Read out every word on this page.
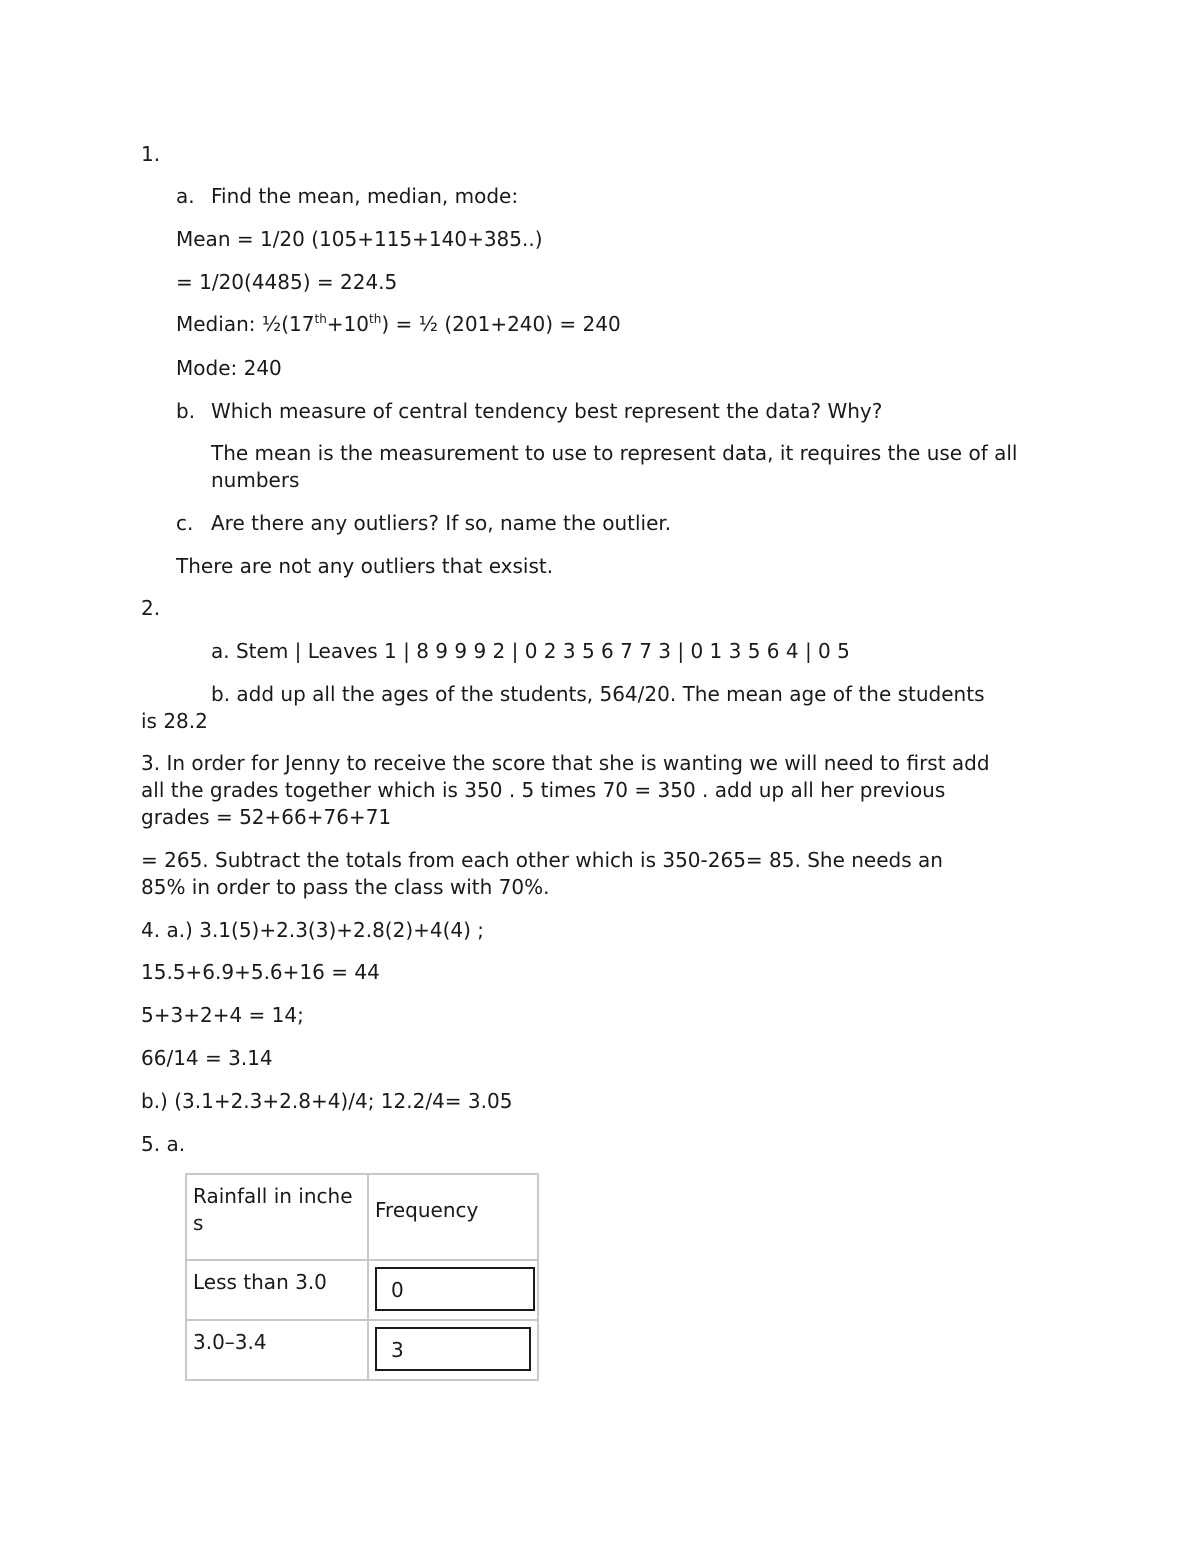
1.
a. Find the mean, median, mode:
Mean = 1/20 (105+115+140+385..)
= 1/20(4485) = 224.5
Median: ½(17th+10th) = ½ (201+240) = 240
Mode: 240
b. Which measure of central tendency best represent the data? Why?
The mean is the measurement to use to represent data, it requires the use of all numbers
c. Are there any outliers? If so, name the outlier.
There are not any outliers that exsist.
2.
a. Stem | Leaves 1 | 8 9 9 9 2 | 0 2 3 5 6 7 7 3 | 0 1 3 5 6 4 | 0 5
b. add up all the ages of the students, 564/20. The mean age of the students
is 28.2
3. In order for Jenny to receive the score that she is wanting we will need to first add
all the grades together which is 350 . 5 times 70 = 350 . add up all her previous
grades = 52+66+76+71
= 265. Subtract the totals from each other which is 350-265= 85. She needs an
85% in order to pass the class with 70%.
4. a.) 3.1(5)+2.3(3)+2.8(2)+4(4) ;
15.5+6.9+5.6+16 = 44
5+3+2+4 = 14;
66/14 = 3.14
b.) (3.1+2.3+2.8+4)/4; 12.2/4= 3.05
5. a.
Rainfall in inches	Frequency

Less than 3.0	0

3.0–3.4	3
